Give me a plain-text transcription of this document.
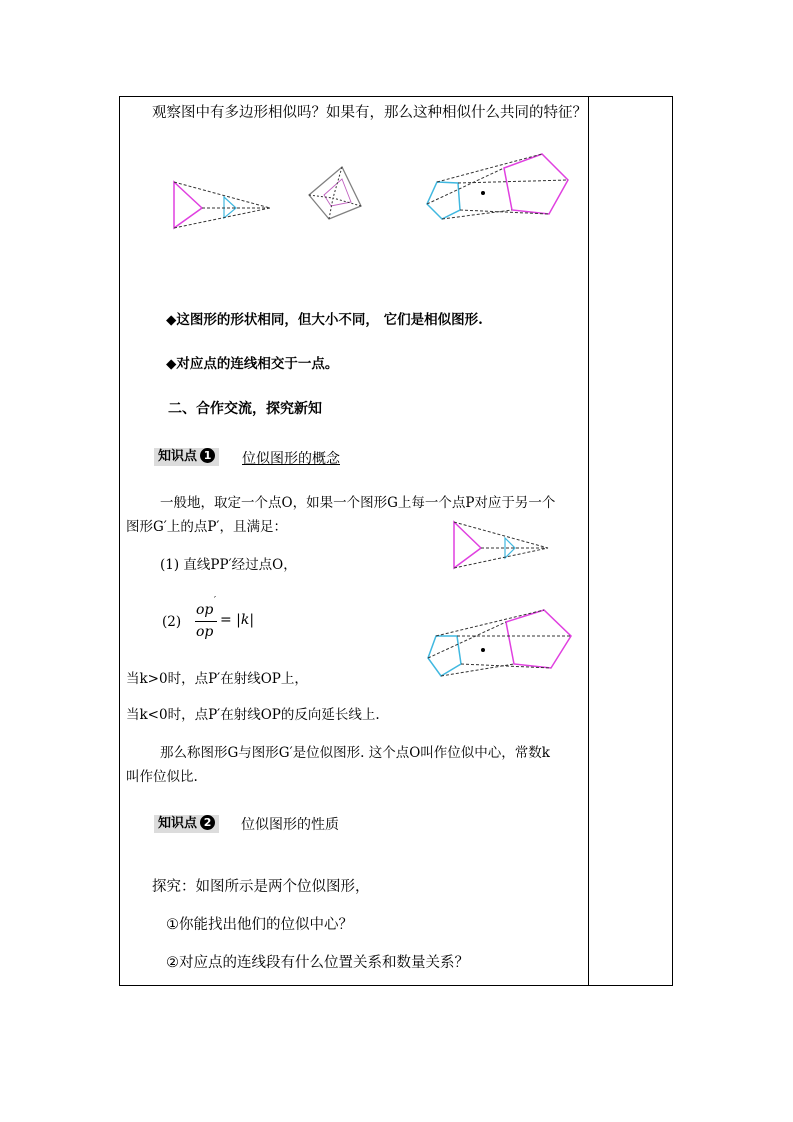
观察图中有多边形相似吗？如果有，那么这种相似什么共同的特征？
◆这图形的形状相同，但大小不同， 它们是相似图形.
◆对应点的连线相交于一点。
二、合作交流，探究新知
知识点 1	位似图形的概念
一般地，取定一个点O，如果一个图形G上每一个点P对应于另一个
图形G′上的点P′，且满足：
(1) 直线PP′经过点O，
(2)
op
′
op
= |k|
当k>0时，点P′在射线OP上，
当k<0时，点P′在射线OP的反向延长线上.
那么称图形G与图形G′是位似图形. 这个点O叫作位似中心，常数k
叫作位似比.
知识点 2	位似图形的性质
探究：如图所示是两个位似图形，
①你能找出他们的位似中心？
②对应点的连线段有什么位置关系和数量关系？
